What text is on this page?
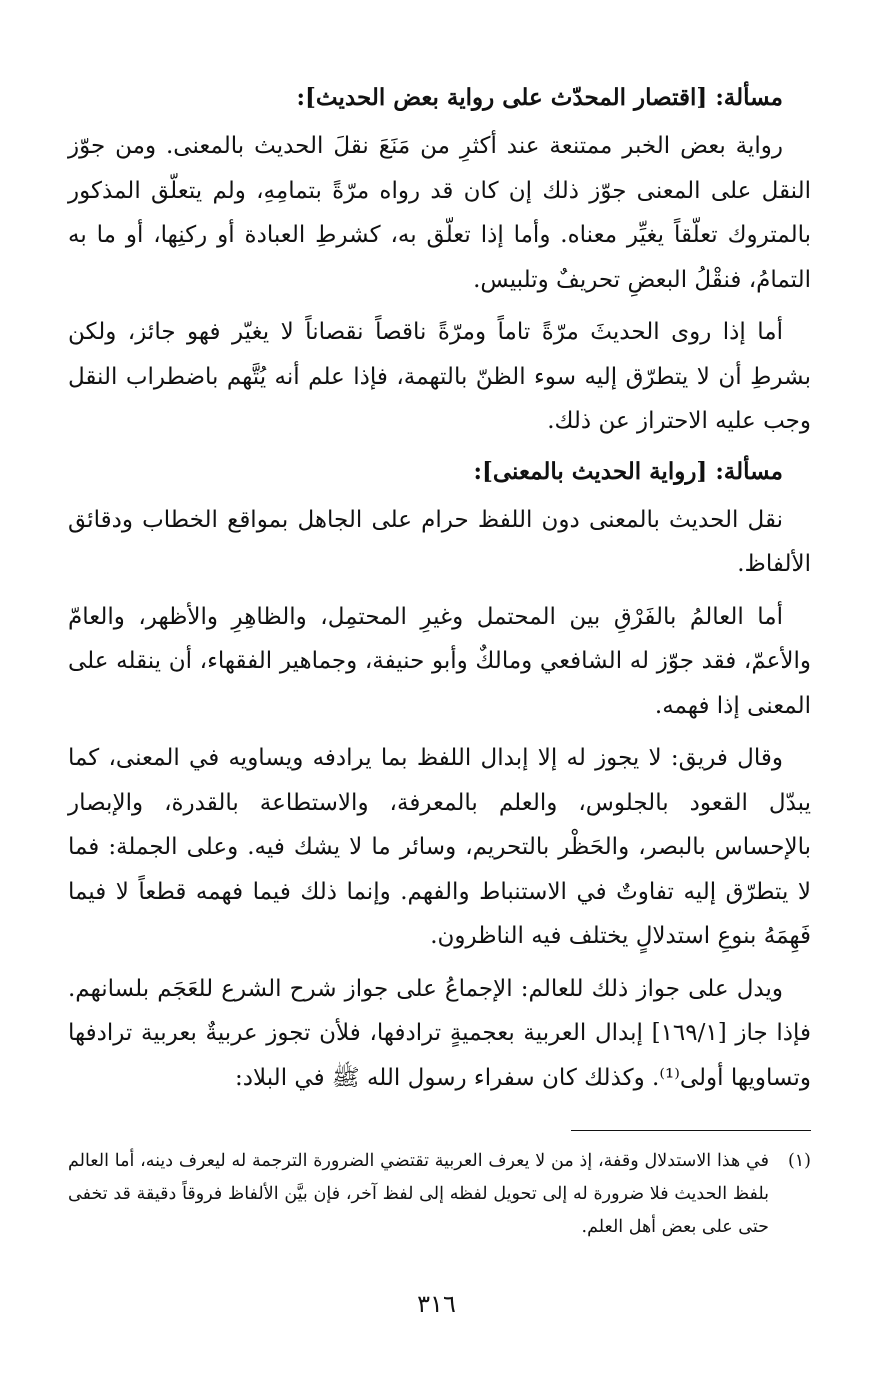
مسألة: [اقتصار المحدّث على رواية بعض الحديث]:

رواية بعض الخبر ممتنعة عند أكثرِ من مَنَعَ نقلَ الحديث بالمعنى. ومن جوّز النقل على المعنى جوّز ذلك إن كان قد رواه مرّةً بتمامِهِ، ولم يتعلّق المذكور بالمتروك تعلّقاً يغيِّر معناه. وأما إذا تعلّق به، كشرطِ العبادة أو ركنِها، أو ما به التمامُ، فنقْلُ البعضِ تحريفٌ وتلبيس.

أما إذا روى الحديثَ مرّةً تاماً ومرّةً ناقصاً نقصاناً لا يغيّر فهو جائز، ولكن بشرطِ أن لا يتطرّق إليه سوء الظنّ بالتهمة، فإذا علم أنه يُتَّهم باضطراب النقل وجب عليه الاحتراز عن ذلك.

مسألة: [رواية الحديث بالمعنى]:

نقل الحديث بالمعنى دون اللفظ حرام على الجاهل بمواقع الخطاب ودقائق الألفاظ.

أما العالمُ بالفَرْقِ بين المحتمل وغيرِ المحتمِل، والظاهِرِ والأظهر، والعامّ والأعمّ، فقد جوّز له الشافعي ومالكٌ وأبو حنيفة، وجماهير الفقهاء، أن ينقله على المعنى إذا فهمه.

وقال فريق: لا يجوز له إلا إبدال اللفظ بما يرادفه ويساويه في المعنى، كما يبدّل القعود بالجلوس، والعلم بالمعرفة، والاستطاعة بالقدرة، والإبصار بالإحساس بالبصر، والحَظْر بالتحريم، وسائر ما لا يشك فيه. وعلى الجملة: فما لا يتطرّق إليه تفاوتٌ في الاستنباط والفهم. وإنما ذلك فيما فهمه قطعاً لا فيما فَهِمَهُ بنوعِ استدلالٍ يختلف فيه الناظرون.

ويدل على جواز ذلك للعالم: الإجماعُ على جواز شرح الشرع للعَجَم بلسانهم. فإذا جاز [١٦٩/١] إبدال العربية بعجميةٍ ترادفها، فلأن تجوز عربيةٌ بعربية ترادفها وتساويها أولى⁽¹⁾. وكذلك كان سفراء رسول الله ﷺ في البلاد:

(١)
في هذا الاستدلال وقفة، إذ من لا يعرف العربية تقتضي الضرورة الترجمة له ليعرف دينه، أما العالم بلفظ الحديث فلا ضرورة له إلى تحويل لفظه إلى لفظ آخر، فإن بيَّن الألفاظ فروقاً دقيقة قد تخفى حتى على بعض أهل العلم.
٣١٦
